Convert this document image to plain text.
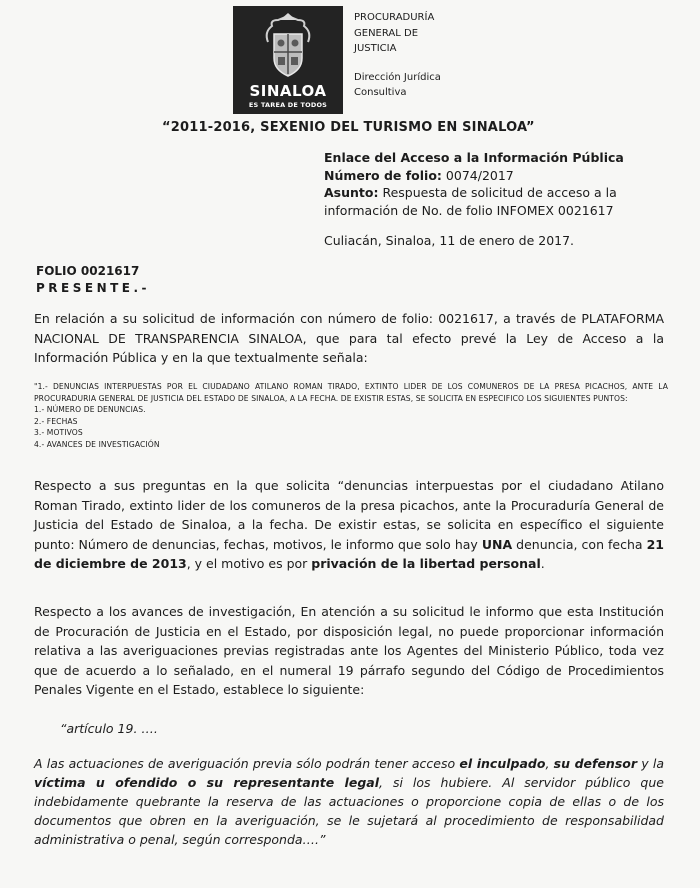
SINALOA
ES TAREA DE TODOS
PROCURADURÍA
GENERAL DE
JUSTICIA
Dirección Jurídica
Consultiva
“2011-2016, SEXENIO DEL TURISMO EN SINALOA”
Enlace del Acceso a la Información Pública
Número de folio: 0074/2017
Asunto: Respuesta de solicitud de acceso a la información de No. de folio INFOMEX 0021617
Culiacán, Sinaloa, 11 de enero de 2017.
FOLIO 0021617
PRESENTE.-
En relación a su solicitud de información con número de folio: 0021617, a través de PLATAFORMA NACIONAL DE TRANSPARENCIA SINALOA, que para tal efecto prevé la Ley de Acceso a la Información Pública y en la que textualmente señala:
"1.- DENUNCIAS INTERPUESTAS POR EL CIUDADANO ATILANO ROMAN TIRADO, EXTINTO LIDER DE LOS COMUNEROS DE LA PRESA PICACHOS, ANTE LA PROCURADURIA GENERAL DE JUSTICIA DEL ESTADO DE SINALOA, A LA FECHA. DE EXISTIR ESTAS, SE SOLICITA EN ESPECIFICO LOS SIGUIENTES PUNTOS:
1.- NÚMERO DE DENUNCIAS.
2.- FECHAS
3.- MOTIVOS
4.- AVANCES DE INVESTIGACIÓN
Respecto a sus preguntas en la que solicita “denuncias interpuestas por el ciudadano Atilano Roman Tirado, extinto lider de los comuneros de la presa picachos, ante la Procuraduría General de Justicia del Estado de Sinaloa, a la fecha. De existir estas, se solicita en específico el siguiente punto: Número de denuncias, fechas, motivos, le informo que solo hay UNA denuncia, con fecha 21 de diciembre de 2013, y el motivo es por privación de la libertad personal.
Respecto a los avances de investigación, En atención a su solicitud le informo que esta Institución de Procuración de Justicia en el Estado, por disposición legal, no puede proporcionar información relativa a las averiguaciones previas registradas ante los Agentes del Ministerio Público, toda vez que de acuerdo a lo señalado, en el numeral 19 párrafo segundo del Código de Procedimientos Penales Vigente en el Estado, establece lo siguiente:
“artículo 19. ….
A las actuaciones de averiguación previa sólo podrán tener acceso el inculpado, su defensor y la víctima u ofendido o su representante legal, si los hubiere. Al servidor público que indebidamente quebrante la reserva de las actuaciones o proporcione copia de ellas o de los documentos que obren en la averiguación, se le sujetará al procedimiento de responsabilidad administrativa o penal, según corresponda….”
